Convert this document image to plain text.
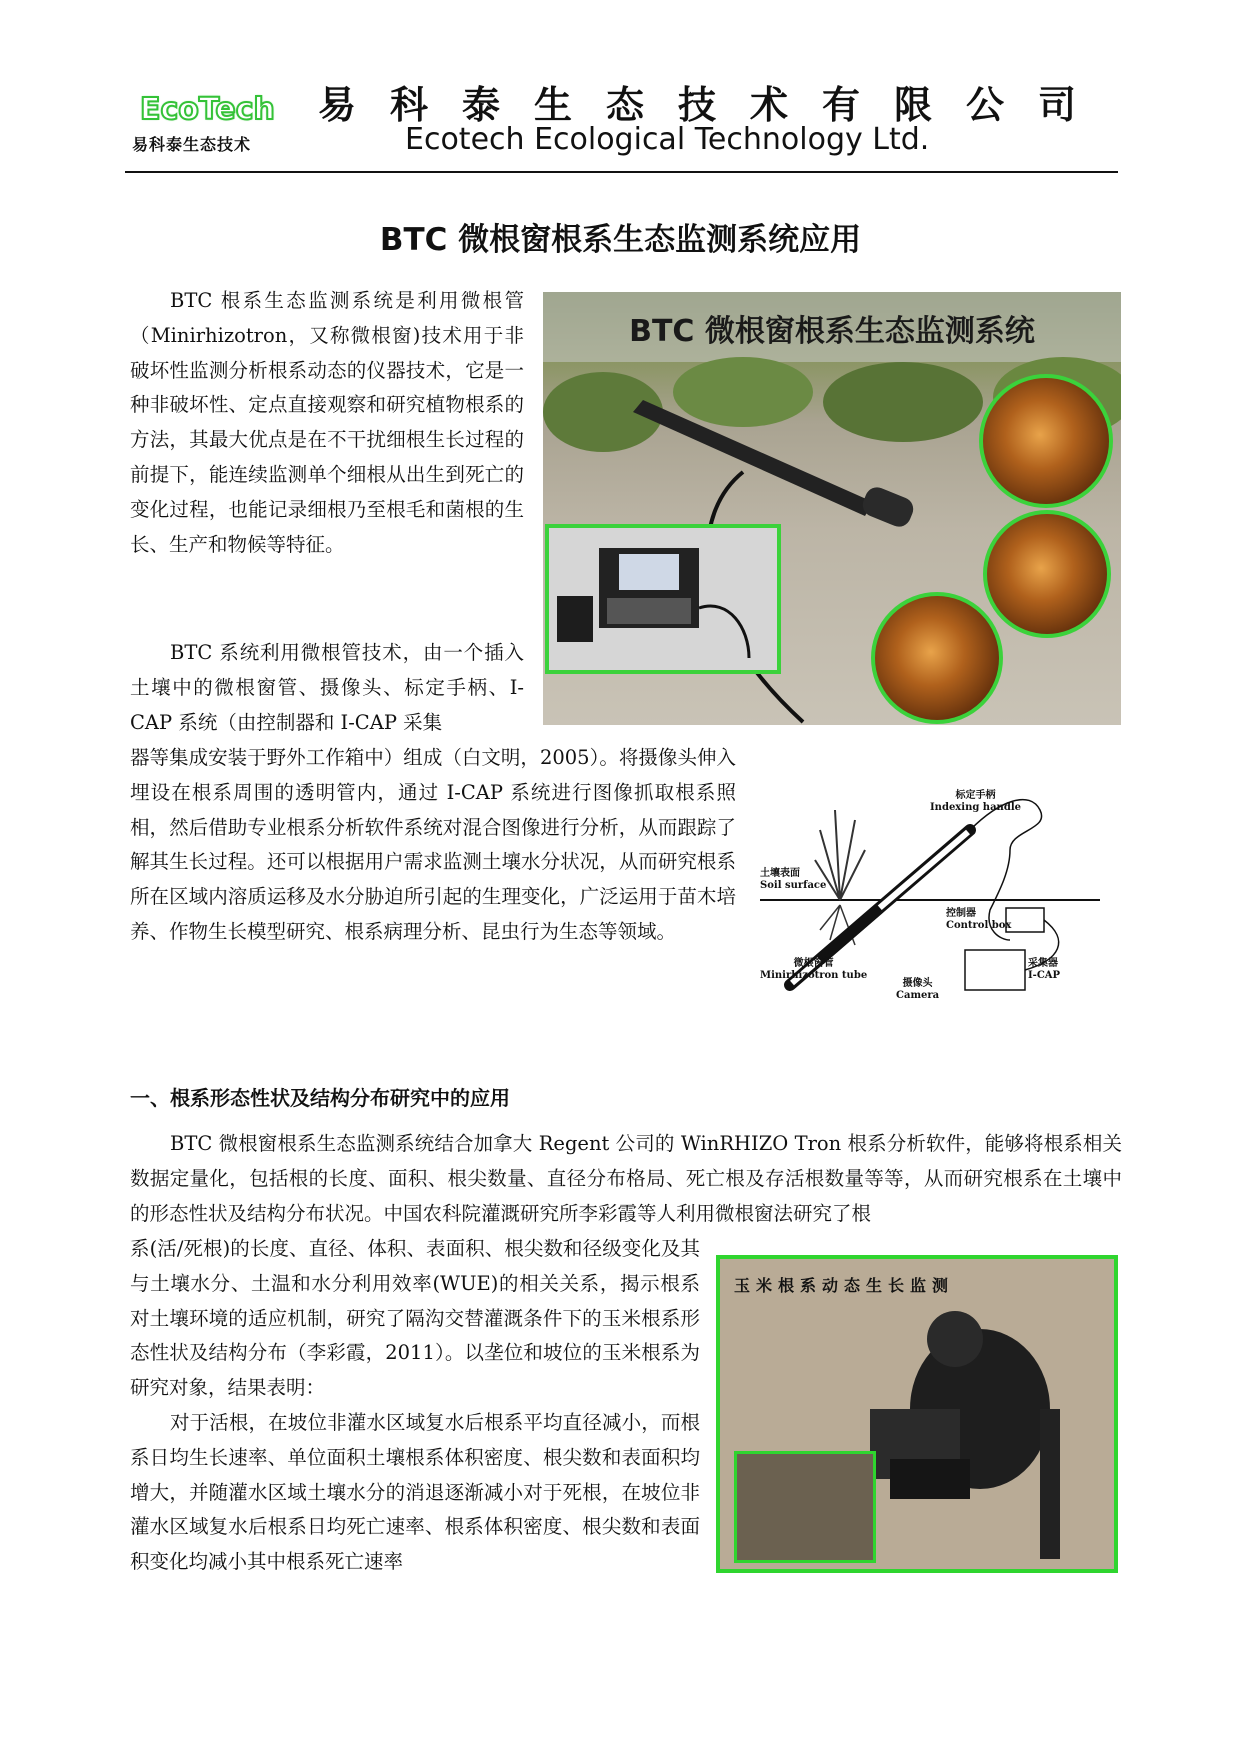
EcoTech
易科泰生态技术
易科泰生态技术有限公司
Ecotech Ecological Technology Ltd.
BTC 微根窗根系生态监测系统应用

BTC 根系生态监测系统是利用微根管（Minirhizotron，又称微根窗)技术用于非破坏性监测分析根系动态的仪器技术，它是一种非破坏性、定点直接观察和研究植物根系的方法，其最大优点是在不干扰细根生长过程的前提下，能连续监测单个细根从出生到死亡的变化过程，也能记录细根乃至根毛和菌根的生长、生产和物候等特征。

BTC 系统利用微根管技术，由一个插入土壤中的微根窗管、摄像头、标定手柄、I-CAP 系统（由控制器和 I-CAP 采集

器等集成安装于野外工作箱中）组成（白文明，2005）。将摄像头伸入埋设在根系周围的透明管内，通过 I-CAP 系统进行图像抓取根系照相，然后借助专业根系分析软件系统对混合图像进行分析，从而跟踪了解其生长过程。还可以根据用户需求监测土壤水分状况，从而研究根系所在区域内溶质运移及水分胁迫所引起的生理变化，广泛运用于苗木培养、作物生长模型研究、根系病理分析、昆虫行为生态等领域。

BTC 微根窗根系生态监测系统
标定手柄
Indexing handle
土壤表面
Soil surface
控制器
Control box
微根窗管
Minirhizotron tube
摄像头
Camera
采集器
I-CAP
一、根系形态性状及结构分布研究中的应用

BTC 微根窗根系生态监测系统结合加拿大 Regent 公司的 WinRHIZO Tron 根系分析软件，能够将根系相关数据定量化，包括根的长度、面积、根尖数量、直径分布格局、死亡根及存活根数量等等，从而研究根系在土壤中的形态性状及结构分布状况。中国农科院灌溉研究所李彩霞等人利用微根窗法研究了根

系(活/死根)的长度、直径、体积、表面积、根尖数和径级变化及其与土壤水分、土温和水分利用效率(WUE)的相关关系，揭示根系对土壤环境的适应机制，研究了隔沟交替灌溉条件下的玉米根系形态性状及结构分布（李彩霞，2011）。以垄位和坡位的玉米根系为研究对象，结果表明：

对于活根，在坡位非灌水区域复水后根系平均直径减小，而根系日均生长速率、单位面积土壤根系体积密度、根尖数和表面积均增大，并随灌水区域土壤水分的消退逐渐减小对于死根，在坡位非灌水区域复水后根系日均死亡速率、根系体积密度、根尖数和表面积变化均减小其中根系死亡速率

玉米根系动态生长监测
